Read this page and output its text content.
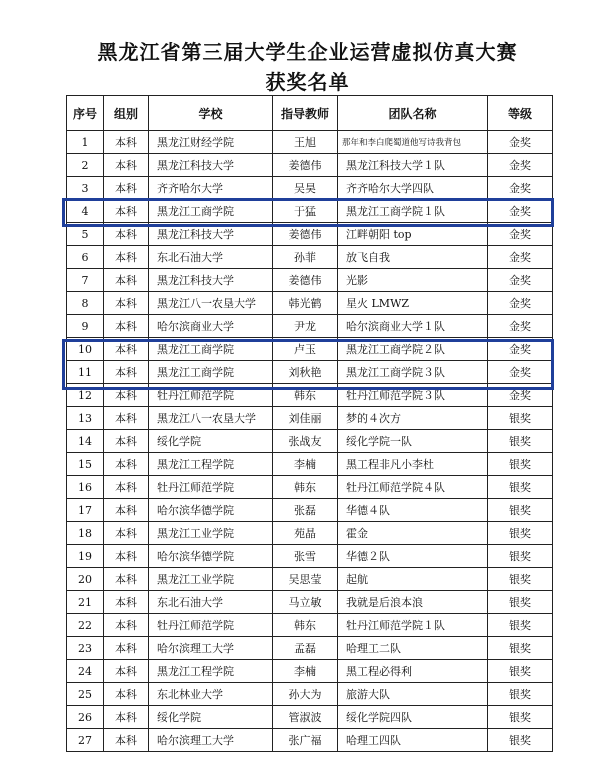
黑龙江省第三届大学生企业运营虚拟仿真大赛
获奖名单
序号	组别	学校	指导教师	团队名称	等级
1	本科	黑龙江财经学院	王旭	那年和李白爬蜀道他写诗我背包	金奖
2	本科	黑龙江科技大学	姜德伟	黑龙江科技大学１队	金奖
3	本科	齐齐哈尔大学	吴昊	齐齐哈尔大学四队	金奖
4	本科	黑龙江工商学院	于猛	黑龙江工商学院１队	金奖
5	本科	黑龙江科技大学	姜德伟	江畔朝阳 top	金奖
6	本科	东北石油大学	孙菲	放飞自我	金奖
7	本科	黑龙江科技大学	姜德伟	光影	金奖
8	本科	黑龙江八一农垦大学	韩光鹤	星火 LMWZ	金奖
9	本科	哈尔滨商业大学	尹龙	哈尔滨商业大学１队	金奖
10	本科	黑龙江工商学院	卢玉	黑龙江工商学院２队	金奖
11	本科	黑龙江工商学院	刘秋艳	黑龙江工商学院３队	金奖
12	本科	牡丹江师范学院	韩东	牡丹江师范学院３队	金奖
13	本科	黑龙江八一农垦大学	刘佳丽	梦的４次方	银奖
14	本科	绥化学院	张战友	绥化学院一队	银奖
15	本科	黑龙江工程学院	李楠	黑工程非凡小李杜	银奖
16	本科	牡丹江师范学院	韩东	牡丹江师范学院４队	银奖
17	本科	哈尔滨华德学院	张磊	华德４队	银奖
18	本科	黑龙江工业学院	苑晶	霍金	银奖
19	本科	哈尔滨华德学院	张雪	华德２队	银奖
20	本科	黑龙江工业学院	吴思莹	起航	银奖
21	本科	东北石油大学	马立敏	我就是后浪本浪	银奖
22	本科	牡丹江师范学院	韩东	牡丹江师范学院１队	银奖
23	本科	哈尔滨理工大学	孟磊	哈理工二队	银奖
24	本科	黑龙江工程学院	李楠	黑工程必得利	银奖
25	本科	东北林业大学	孙大为	旅游大队	银奖
26	本科	绥化学院	管淑波	绥化学院四队	银奖
27	本科	哈尔滨理工大学	张广福	哈理工四队	银奖
